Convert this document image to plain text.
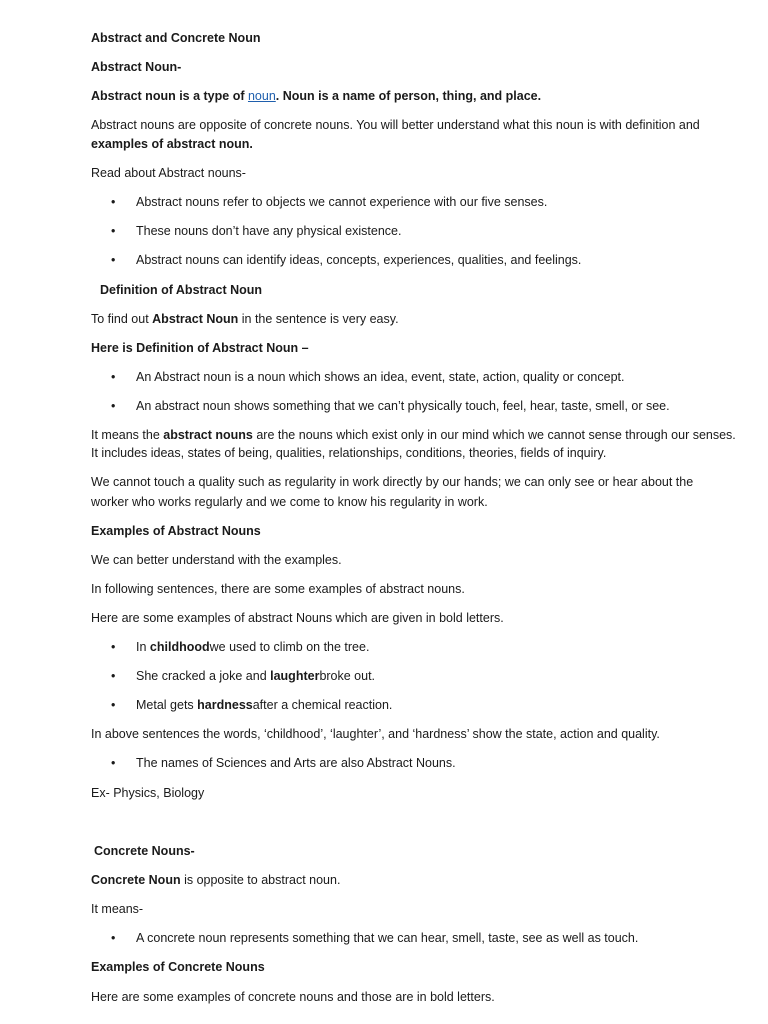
Abstract and Concrete Noun
Abstract Noun-
Abstract noun is a type of noun. Noun is a name of person, thing, and place.
Abstract nouns are opposite of concrete nouns. You will better understand what this noun is with definition and
examples of abstract noun.
Read about Abstract nouns-
• Abstract nouns refer to objects we cannot experience with our five senses.
• These nouns don’t have any physical existence.
• Abstract nouns can identify ideas, concepts, experiences, qualities, and feelings.
Definition of Abstract Noun
To find out Abstract Noun in the sentence is very easy.
Here is Definition of Abstract Noun –
• An Abstract noun is a noun which shows an idea, event, state, action, quality or concept.
• An abstract noun shows something that we can’t physically touch, feel, hear, taste, smell, or see.
It means the abstract nouns are the nouns which exist only in our mind which we cannot sense through our senses.
It includes ideas, states of being, qualities, relationships, conditions, theories, fields of inquiry.
We cannot touch a quality such as regularity in work directly by our hands; we can only see or hear about the
worker who works regularly and we come to know his regularity in work.
Examples of Abstract Nouns
We can better understand with the examples.
In following sentences, there are some examples of abstract nouns.
Here are some examples of abstract Nouns which are given in bold letters.
• In childhoodwe used to climb on the tree.
• She cracked a joke and laughterbroke out.
• Metal gets hardnessafter a chemical reaction.
In above sentences the words, ‘childhood’, ‘laughter’, and ‘hardness’ show the state, action and quality.
• The names of Sciences and Arts are also Abstract Nouns.
Ex- Physics, Biology
Concrete Nouns-
Concrete Noun is opposite to abstract noun.
It means-
• A concrete noun represents something that we can hear, smell, taste, see as well as touch.
Examples of Concrete Nouns
Here are some examples of concrete nouns and those are in bold letters.
